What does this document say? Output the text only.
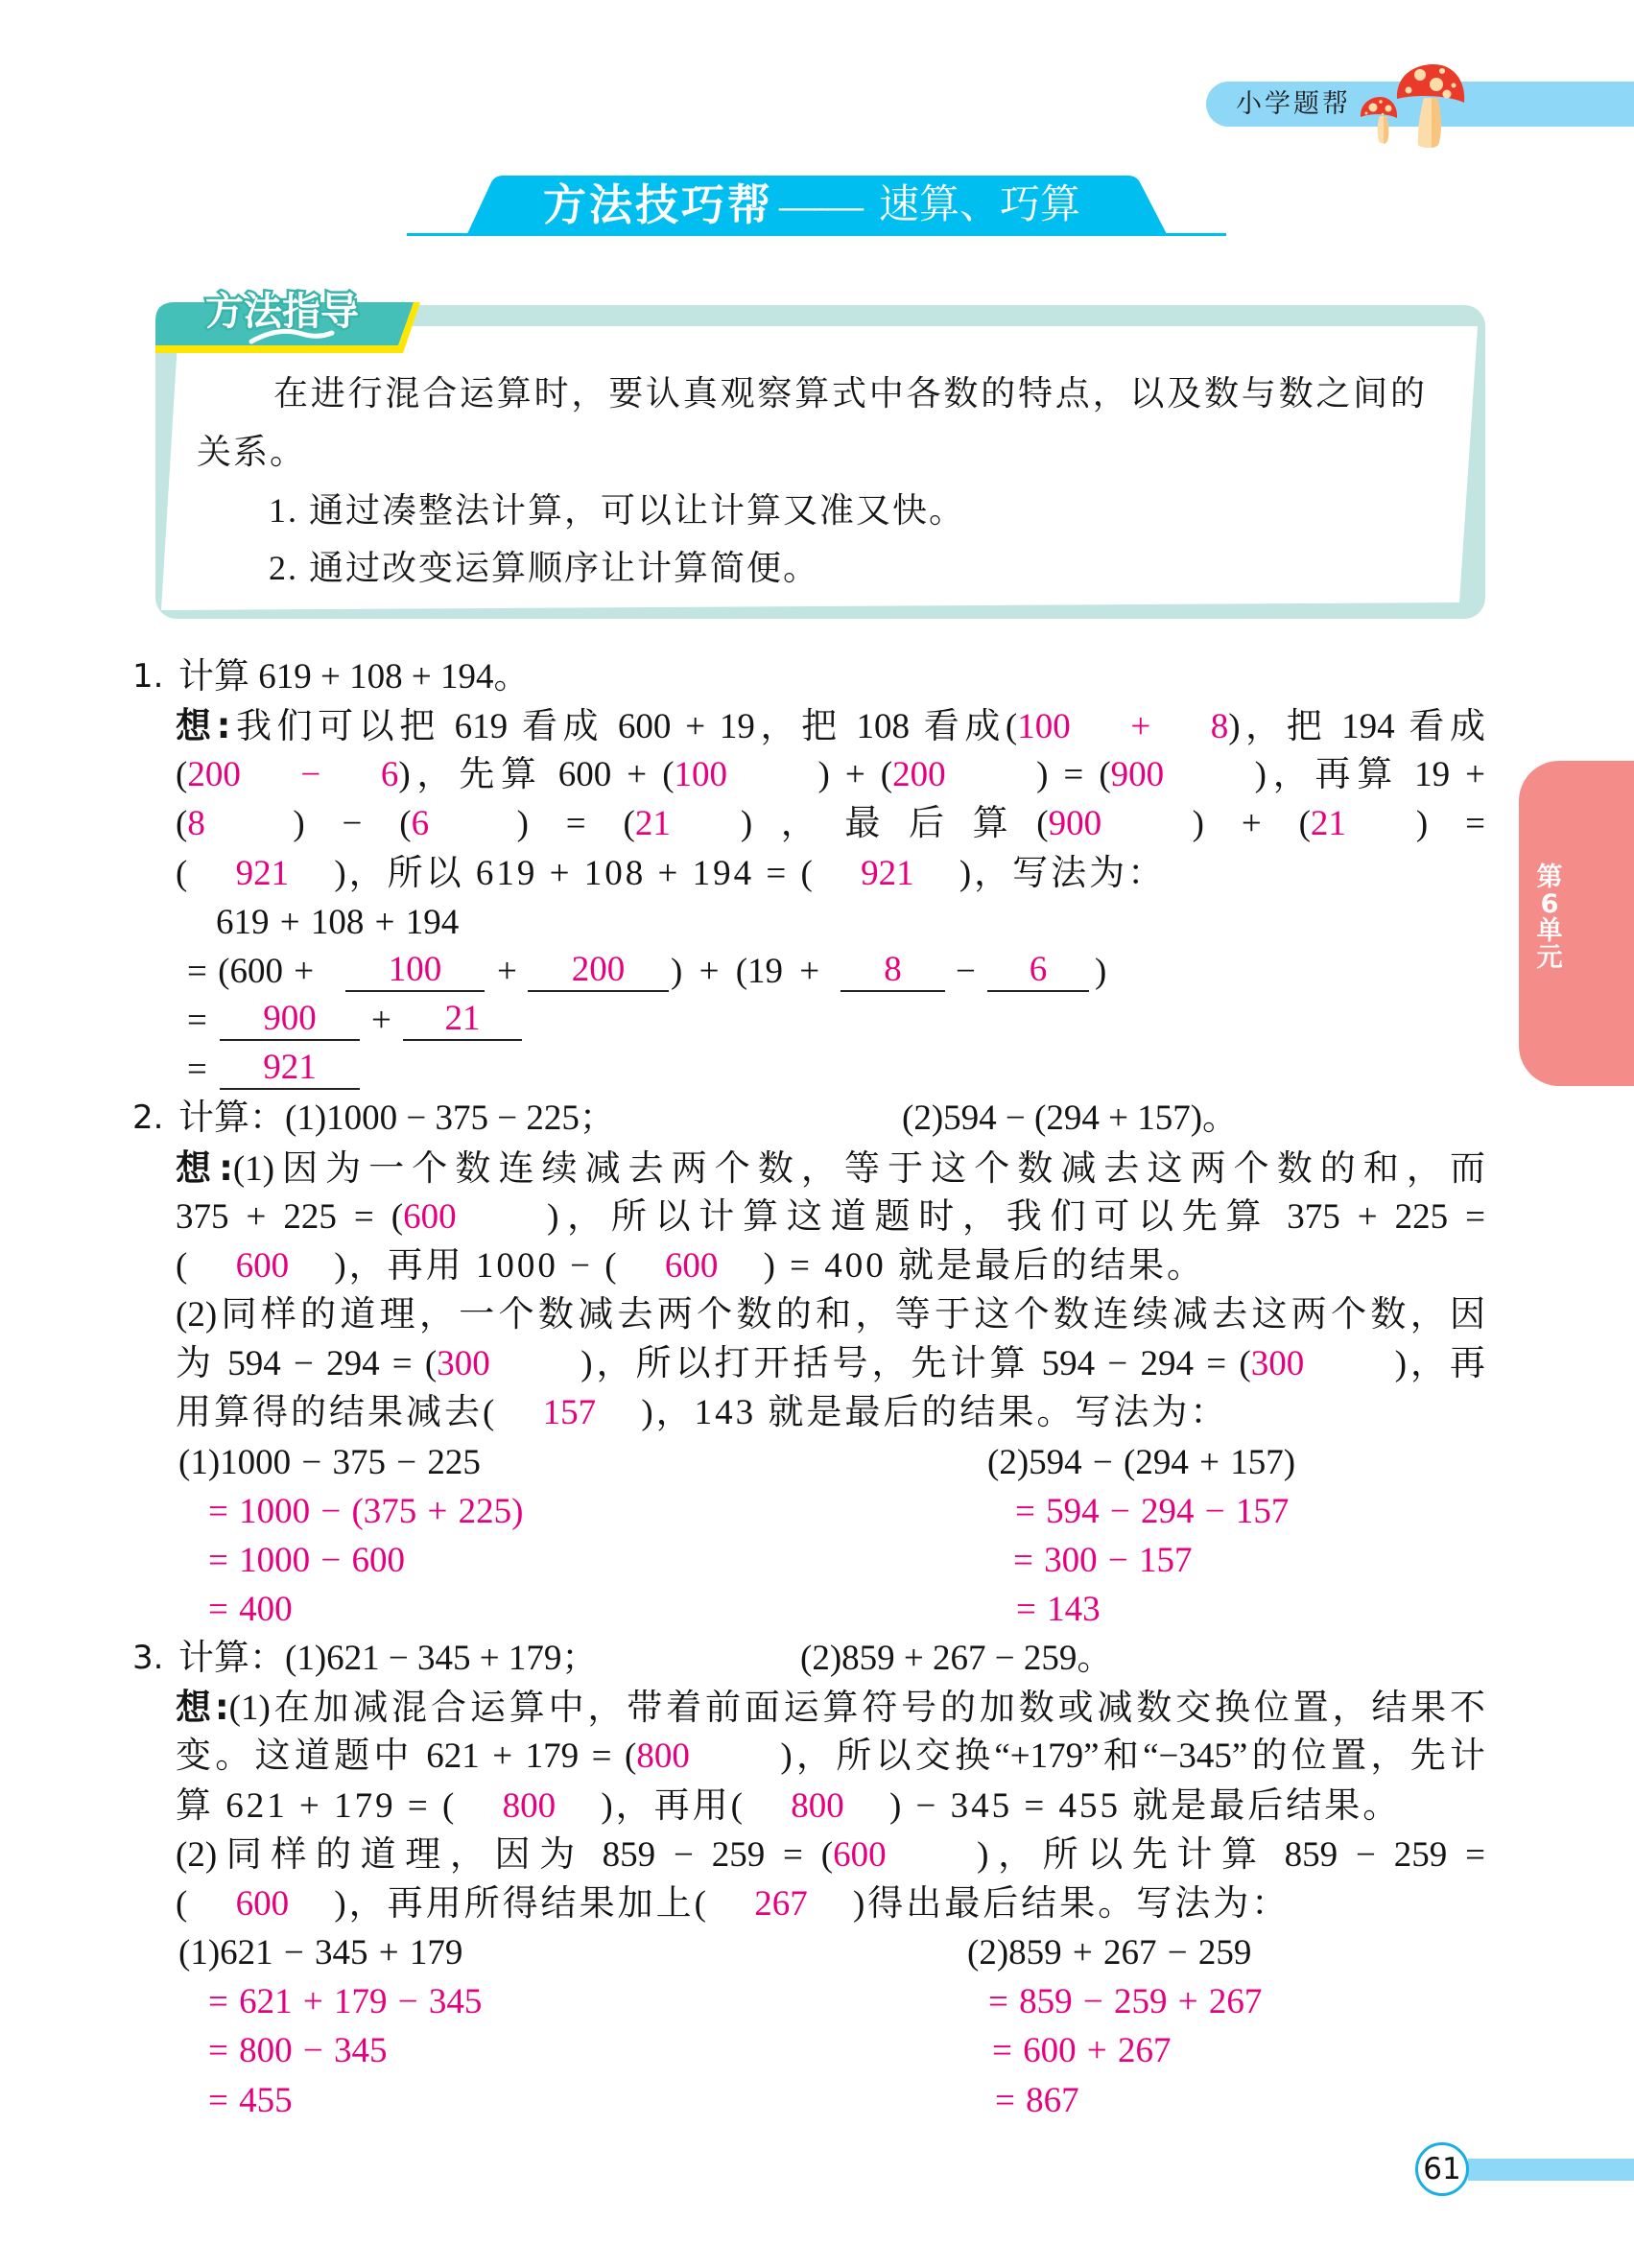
小学题帮
方法技巧帮 —— 速算、巧算
在进行混合运算时，要认真观察算式中各数的特点，以及数与数之间的
关系。
1. 通过凑整法计算，可以让计算又准又快。
2. 通过改变运算顺序让计算简便。
方法指导
1. 计算 619 + 108 + 194。
想:我们可以把 619 看成 600 + 19，把 108 看成(100 + 8)，把 194 看成
(200 − 6)，先算 600 + (100	) + (200	) = (900	)，再算 19 +
(8 ) − (6 ) = (21 )，最后算(900	) + (21 ) =
( 921 )，所以 619 + 108 + 194 = ( 921 )，写法为：
619 + 108 + 194
= (600 +	100	+	200	) + (19 +	8	−	6	)
=	900	+	21
=	921
2. 计算：(1)1000 − 375 − 225；	(2)594 − (294 + 157)。
想:(1)因为一个数连续减去两个数，等于这个数减去这两个数的和，而
375 + 225 = (600	)，所以计算这道题时，我们可以先算 375 + 225 =
( 600 )，再用 1000 − ( 600 ) = 400 就是最后的结果。
(2)同样的道理，一个数减去两个数的和，等于这个数连续减去这两个数，因
为 594 − 294 = (300	)，所以打开括号，先计算 594 − 294 = (300	)，再
用算得的结果减去( 157 )，143 就是最后的结果。写法为：
(1)1000 − 375 − 225	(2)594 − (294 + 157)
= 1000 − (375 + 225)	= 594 − 294 − 157
= 1000 − 600	= 300 − 157
= 400	= 143
3. 计算：(1)621 − 345 + 179；	(2)859 + 267 − 259。
想:(1)在加减混合运算中，带着前面运算符号的加数或减数交换位置，结果不
变。这道题中 621 + 179 = (800	)，所以交换“+179”和“−345”的位置，先计
算 621 + 179 = ( 800 )，再用( 800 ) − 345 = 455 就是最后结果。
(2)同样的道理，因为 859 − 259 = (600	)，所以先计算 859 − 259 =
( 600 )，再用所得结果加上( 267 )得出最后结果。写法为：
(1)621 − 345 + 179	(2)859 + 267 − 259
= 621 + 179 − 345	= 859 − 259 + 267
= 800 − 345	= 600 + 267
= 455	= 867
第
6
单
元
61
